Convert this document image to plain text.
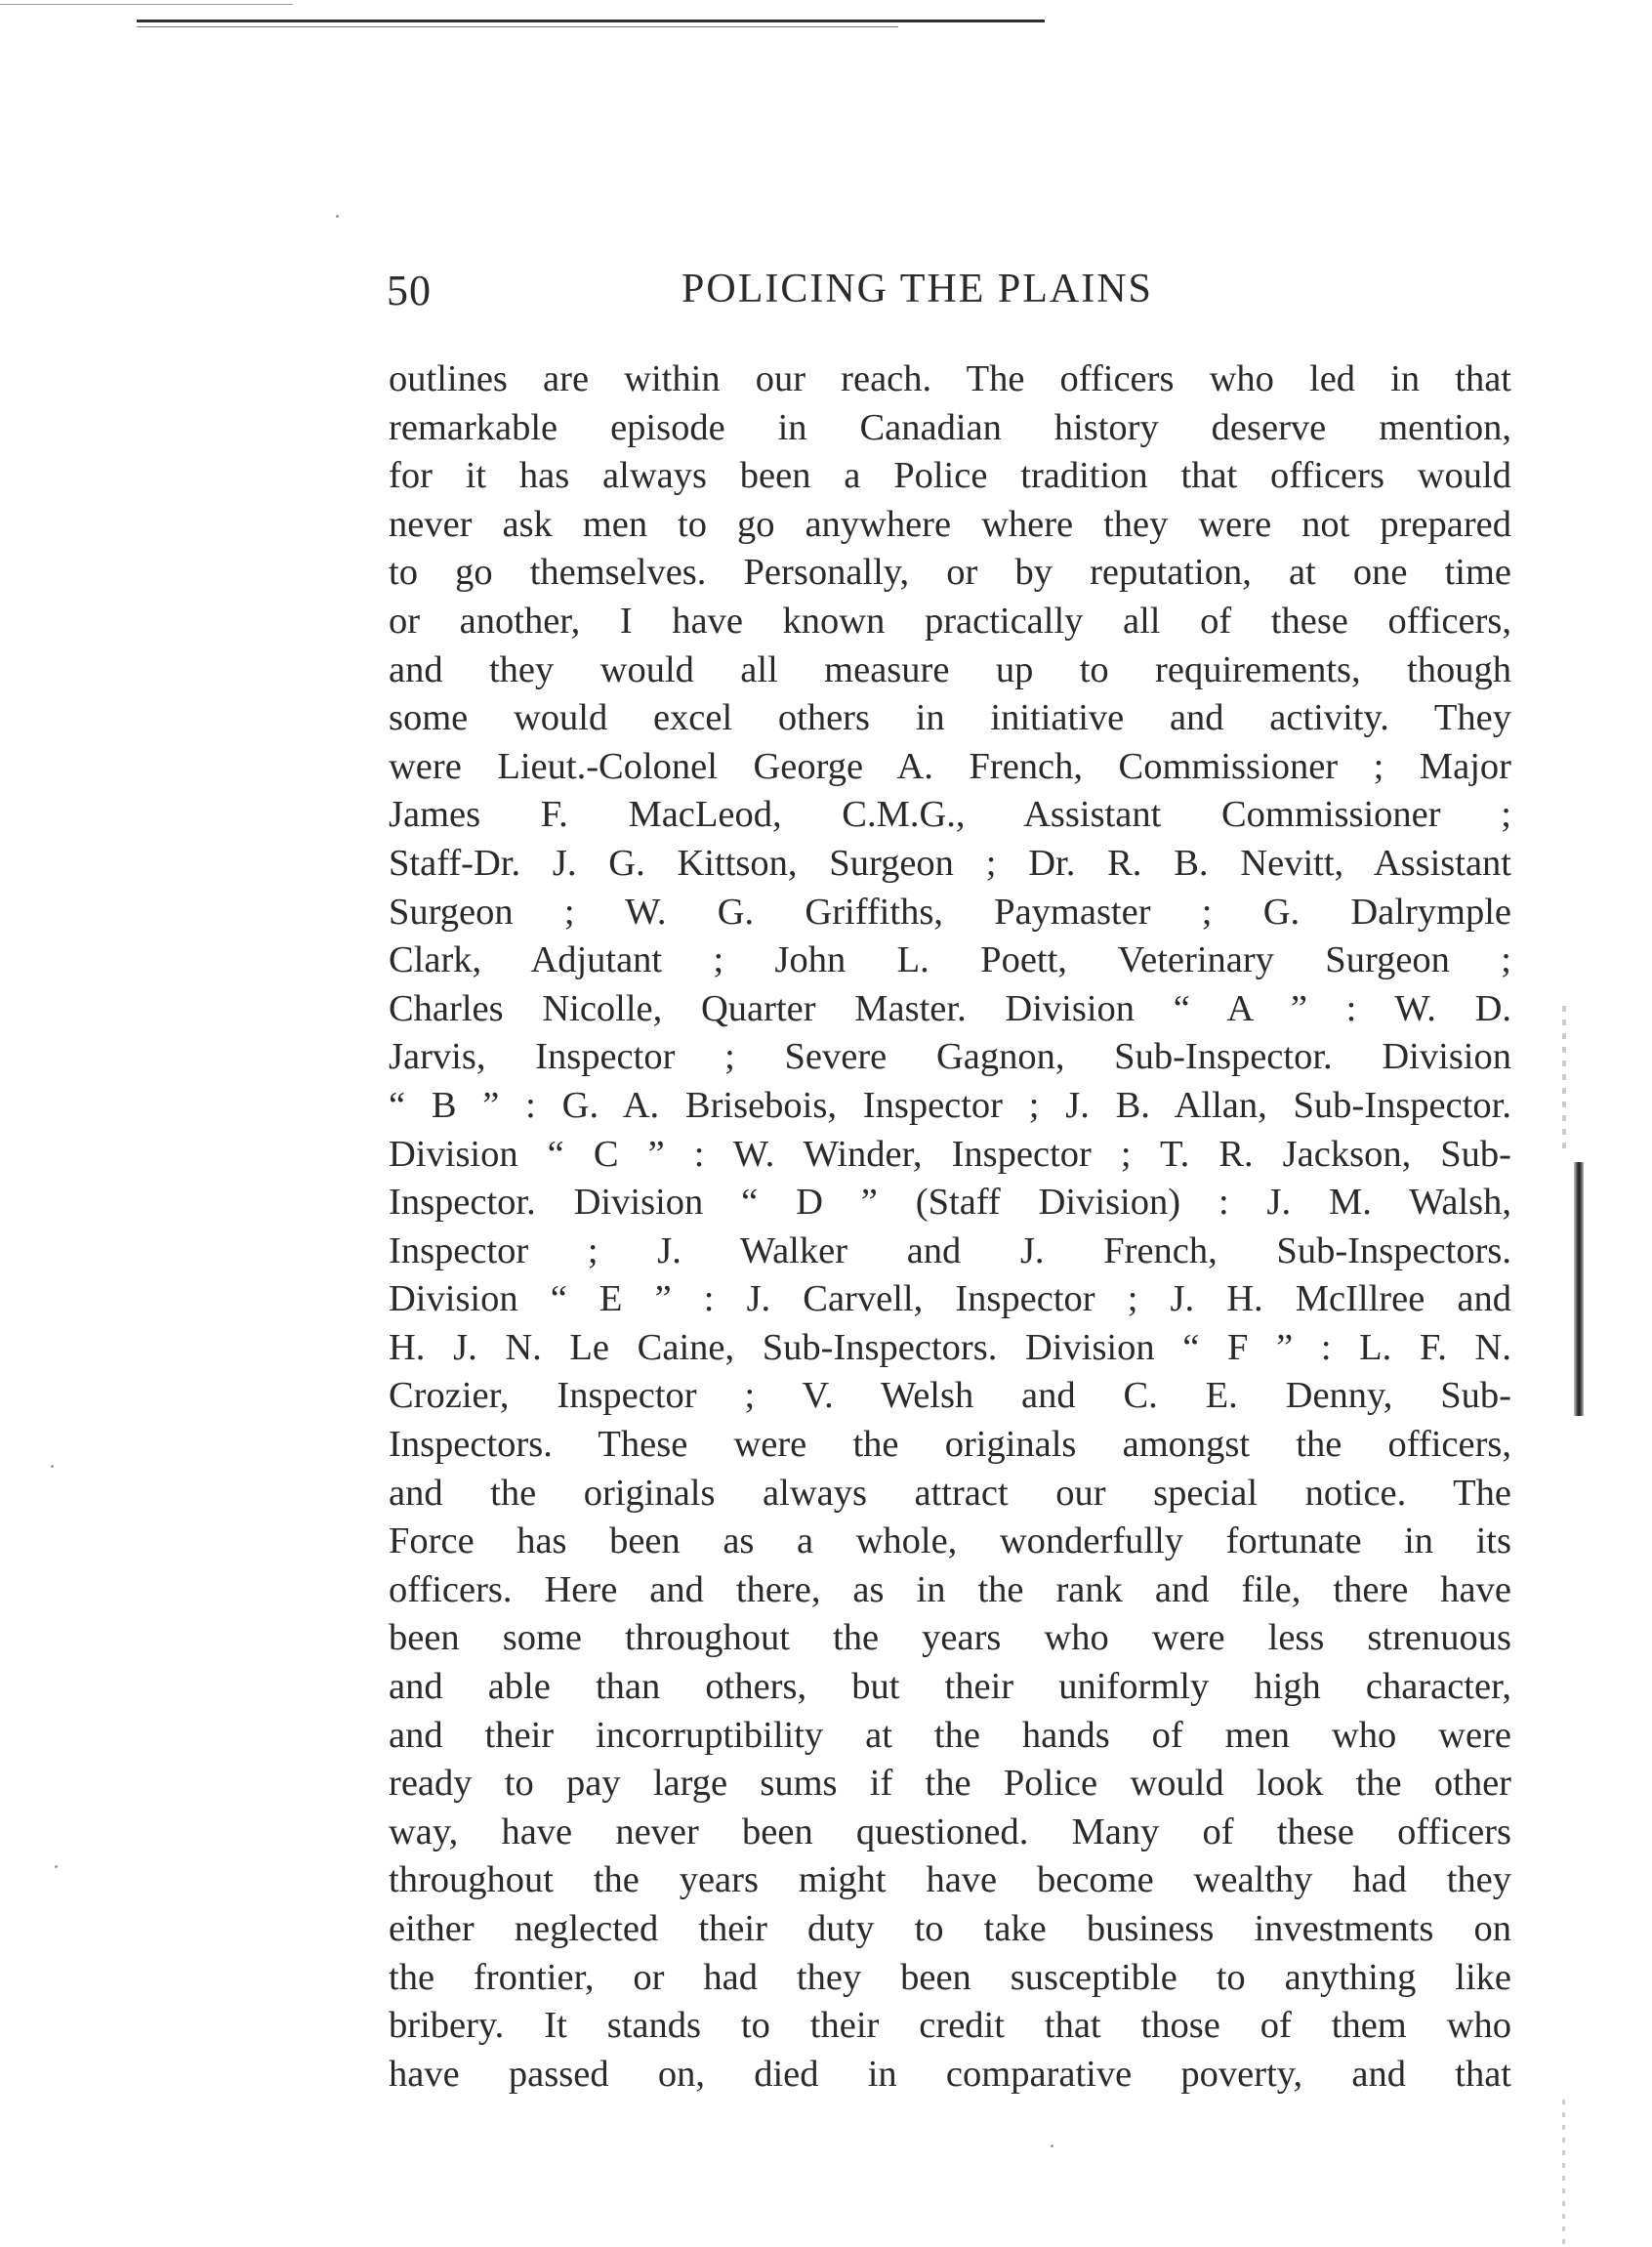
50	POLICING THE PLAINS
outlines are within our reach. The officers who led in that
remarkable episode in Canadian history deserve mention,
for it has always been a Police tradition that officers would
never ask men to go anywhere where they were not prepared
to go themselves. Personally, or by reputation, at one time
or another, I have known practically all of these officers,
and they would all measure up to requirements, though
some would excel others in initiative and activity. They
were Lieut.-Colonel George A. French, Commissioner ; Major
James F. MacLeod, C.M.G., Assistant Commissioner ;
Staff-Dr. J. G. Kittson, Surgeon ; Dr. R. B. Nevitt, Assistant
Surgeon ; W. G. Griffiths, Paymaster ; G. Dalrymple
Clark, Adjutant ; John L. Poett, Veterinary Surgeon ;
Charles Nicolle, Quarter Master. Division “ A ” : W. D.
Jarvis, Inspector ; Severe Gagnon, Sub-Inspector. Division
“ B ” : G. A. Brisebois, Inspector ; J. B. Allan, Sub-Inspector.
Division “ C ” : W. Winder, Inspector ; T. R. Jackson, Sub-
Inspector. Division “ D ” (Staff Division) : J. M. Walsh,
Inspector ; J. Walker and J. French, Sub-Inspectors.
Division “ E ” : J. Carvell, Inspector ; J. H. McIllree and
H. J. N. Le Caine, Sub-Inspectors. Division “ F ” : L. F. N.
Crozier, Inspector ; V. Welsh and C. E. Denny, Sub-
Inspectors. These were the originals amongst the officers,
and the originals always attract our special notice. The
Force has been as a whole, wonderfully fortunate in its
officers. Here and there, as in the rank and file, there have
been some throughout the years who were less strenuous
and able than others, but their uniformly high character,
and their incorruptibility at the hands of men who were
ready to pay large sums if the Police would look the other
way, have never been questioned. Many of these officers
throughout the years might have become wealthy had they
either neglected their duty to take business investments on
the frontier, or had they been susceptible to anything like
bribery. It stands to their credit that those of them who
have passed on, died in comparative poverty, and that
